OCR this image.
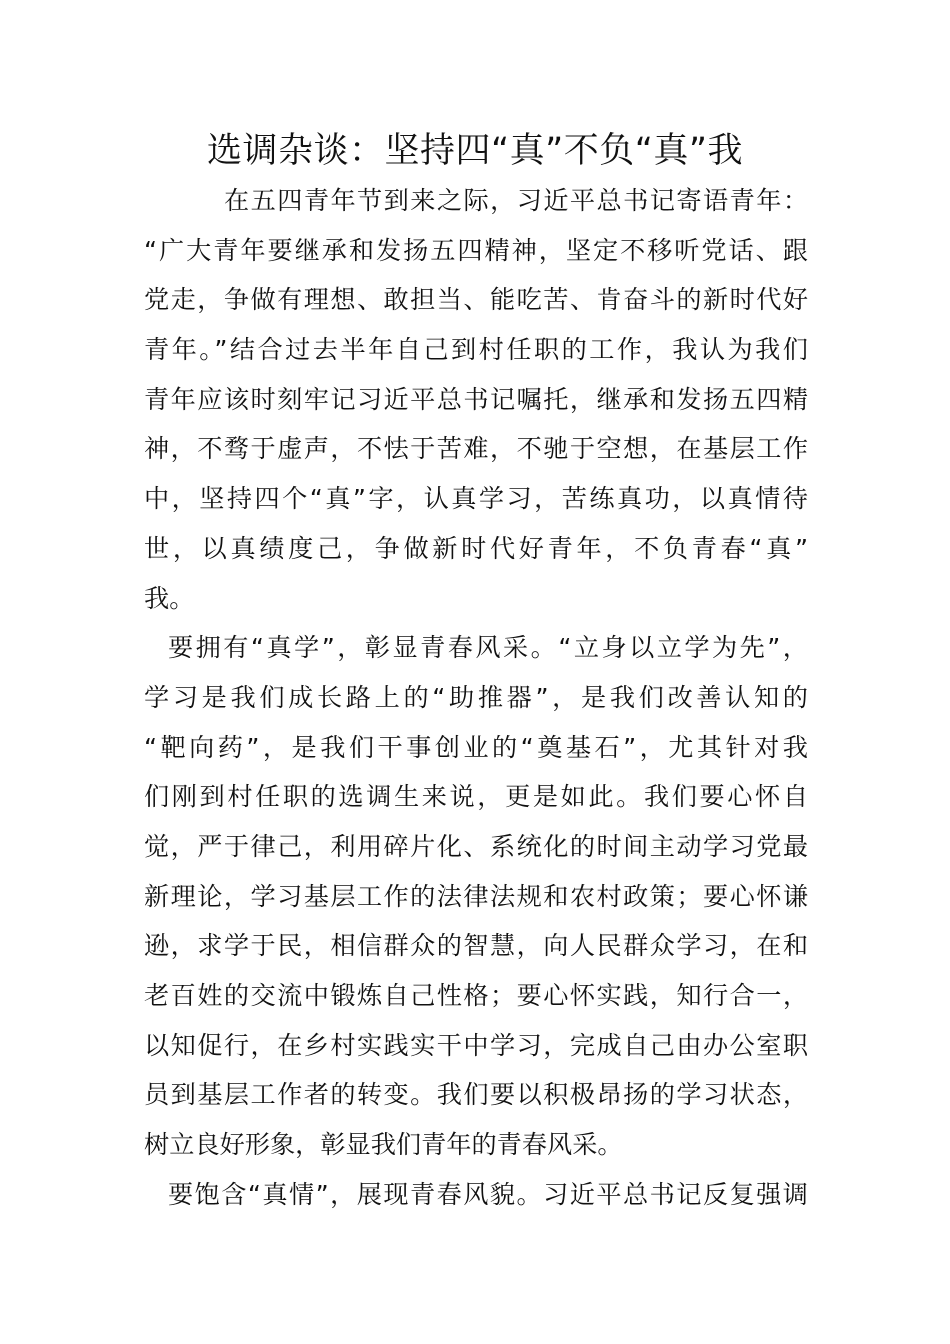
选调杂谈：坚持四“真”不负“真”我
在五四青年节到来之际，习近平总书记寄语青年：
“广大青年要继承和发扬五四精神，坚定不移听党话、跟
党走，争做有理想、敢担当、能吃苦、肯奋斗的新时代好
青年。”结合过去半年自己到村任职的工作，我认为我们
青年应该时刻牢记习近平总书记嘱托，继承和发扬五四精
神，不骛于虚声，不怯于苦难，不驰于空想，在基层工作
中，坚持四个“真”字，认真学习，苦练真功，以真情待
世，以真绩度己，争做新时代好青年，不负青春“真”
我。
要拥有“真学”，彰显青春风采。“立身以立学为先”，
学习是我们成长路上的“助推器”，是我们改善认知的
“靶向药”，是我们干事创业的“奠基石”，尤其针对我
们刚到村任职的选调生来说，更是如此。我们要心怀自
觉，严于律己，利用碎片化、系统化的时间主动学习党最
新理论，学习基层工作的法律法规和农村政策；要心怀谦
逊，求学于民，相信群众的智慧，向人民群众学习，在和
老百姓的交流中锻炼自己性格；要心怀实践，知行合一，
以知促行，在乡村实践实干中学习，完成自己由办公室职
员到基层工作者的转变。我们要以积极昂扬的学习状态，
树立良好形象，彰显我们青年的青春风采。
要饱含“真情”，展现青春风貌。习近平总书记反复强调
